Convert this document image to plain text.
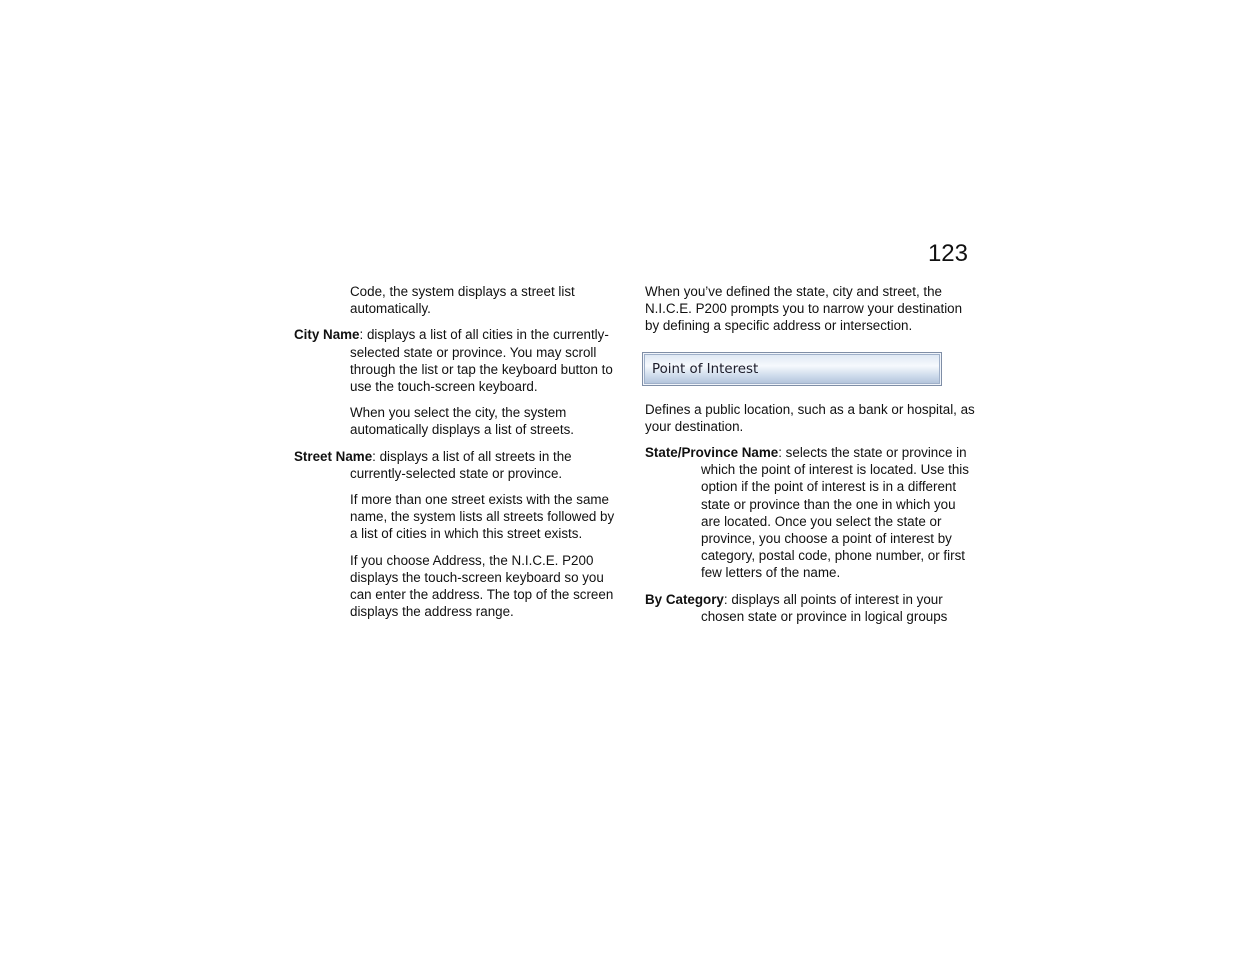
123

Code, the system displays a street list automatically.

City Name: displays a list of all cities in the currently-selected state or province. You may scroll through the list or tap the keyboard button to use the touch-screen keyboard.

When you select the city, the system automatically displays a list of streets.

Street Name: displays a list of all streets in the currently-selected state or province.

If more than one street exists with the same name, the system lists all streets followed by a list of cities in which this street exists.

If you choose Address, the N.I.C.E. P200 displays the touch-screen keyboard so you can enter the address. The top of the screen displays the address range.

When you’ve defined the state, city and street, the N.I.C.E. P200 prompts you to narrow your destination by defining a specific address or intersection.

Point of Interest

Defines a public location, such as a bank or hospital, as your destination.

State/Province Name: selects the state or province in which the point of interest is located. Use this option if the point of interest is in a different state or province than the one in which you are located. Once you select the state or province, you choose a point of interest by category, postal code, phone number, or first few letters of the name.

By Category: displays all points of interest in your chosen state or province in logical groups
